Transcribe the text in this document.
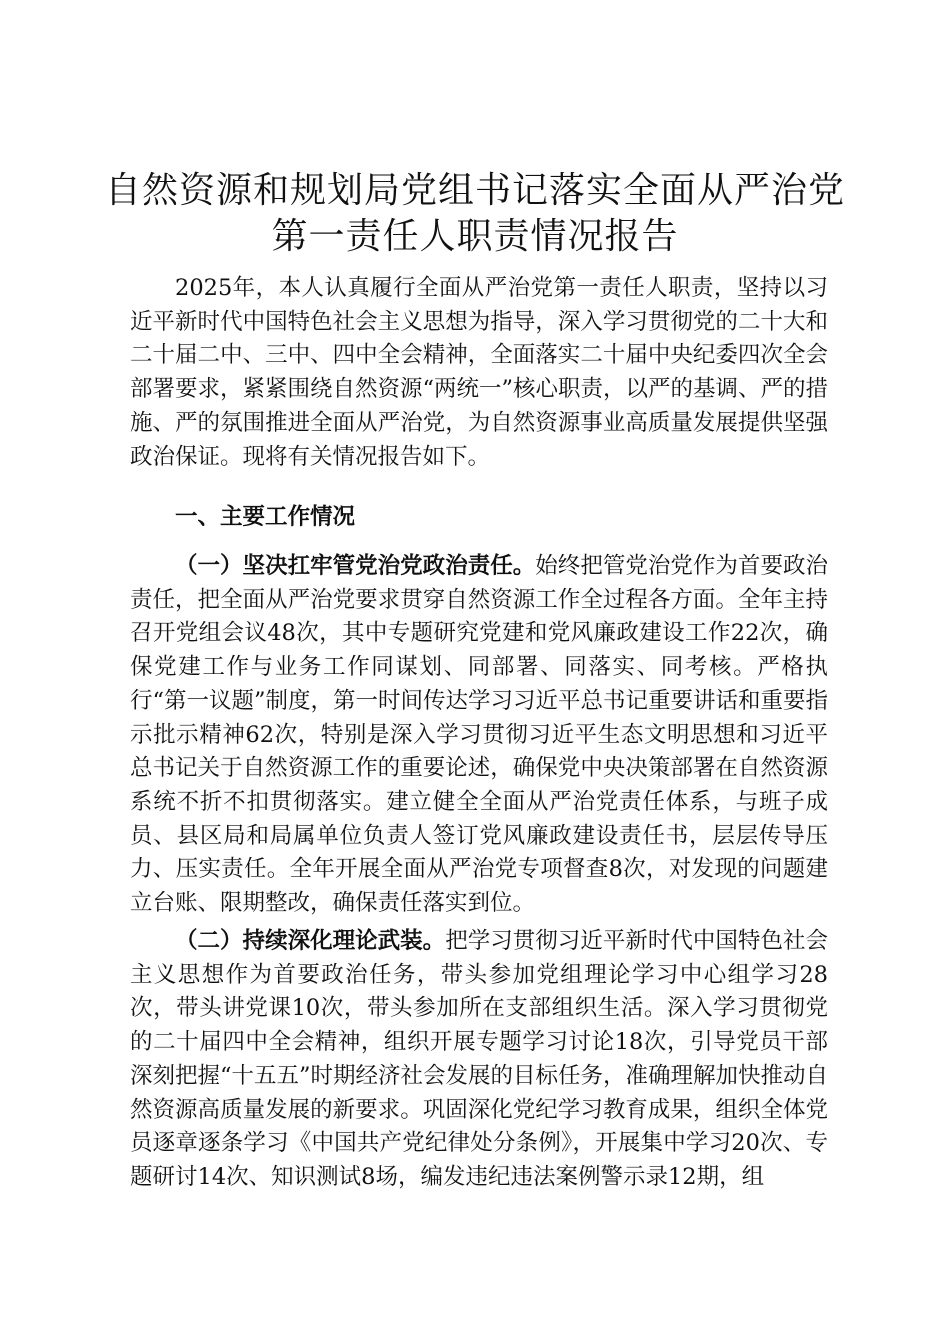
自然资源和规划局党组书记落实全面从严治党
第一责任人职责情况报告

2025年，本人认真履行全面从严治党第一责任人职责，坚持以习近平新时代中国特色社会主义思想为指导，深入学习贯彻党的二十大和二十届二中、三中、四中全会精神，全面落实二十届中央纪委四次全会部署要求，紧紧围绕自然资源“两统一”核心职责，以严的基调、严的措施、严的氛围推进全面从严治党，为自然资源事业高质量发展提供坚强政治保证。现将有关情况报告如下。

一、主要工作情况

（一）坚决扛牢管党治党政治责任。始终把管党治党作为首要政治责任，把全面从严治党要求贯穿自然资源工作全过程各方面。全年主持召开党组会议48次，其中专题研究党建和党风廉政建设工作22次，确保党建工作与业务工作同谋划、同部署、同落实、同考核。严格执行“第一议题”制度，第一时间传达学习习近平总书记重要讲话和重要指示批示精神62次，特别是深入学习贯彻习近平生态文明思想和习近平总书记关于自然资源工作的重要论述，确保党中央决策部署在自然资源系统不折不扣贯彻落实。建立健全全面从严治党责任体系，与班子成员、县区局和局属单位负责人签订党风廉政建设责任书，层层传导压力、压实责任。全年开展全面从严治党专项督查8次，对发现的问题建立台账、限期整改，确保责任落实到位。

（二）持续深化理论武装。把学习贯彻习近平新时代中国特色社会主义思想作为首要政治任务，带头参加党组理论学习中心组学习28次，带头讲党课10次，带头参加所在支部组织生活。深入学习贯彻党的二十届四中全会精神，组织开展专题学习讨论18次，引导党员干部深刻把握“十五五”时期经济社会发展的目标任务，准确理解加快推动自然资源高质量发展的新要求。巩固深化党纪学习教育成果，组织全体党员逐章逐条学习《中国共产党纪律处分条例》，开展集中学习20次、专题研讨14次、知识测试8场，编发违纪违法案例警示录12期，组
